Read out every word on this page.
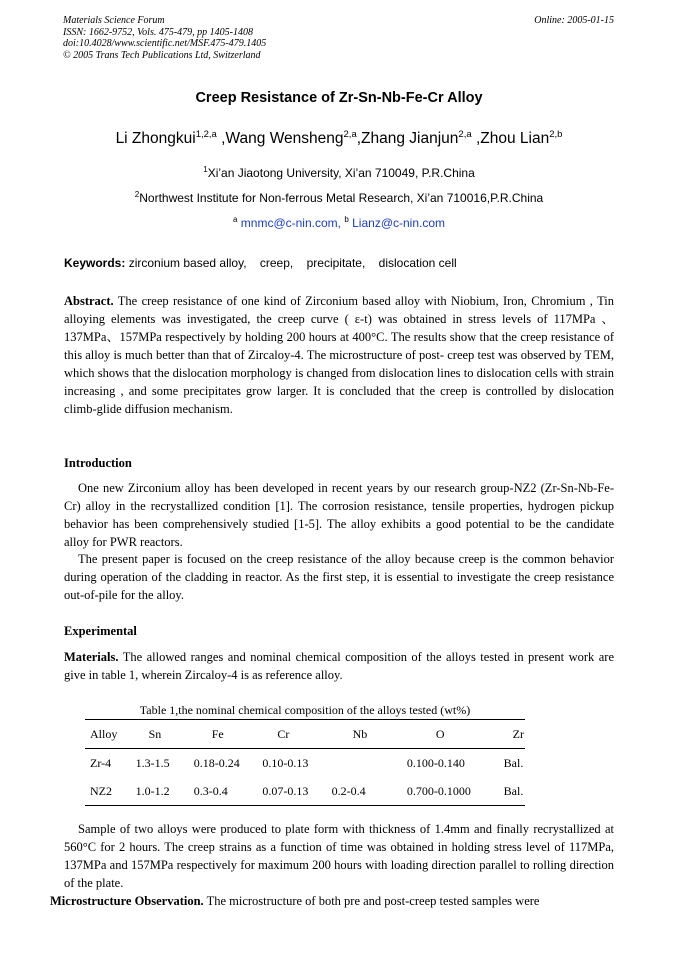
Materials Science Forum
ISSN: 1662-9752, Vols. 475-479, pp 1405-1408
doi:10.4028/www.scientific.net/MSF.475-479.1405
© 2005 Trans Tech Publications Ltd, Switzerland
Online: 2005-01-15
Creep Resistance of Zr-Sn-Nb-Fe-Cr Alloy
Li Zhongkui$^{1,2,a}$ ,Wang Wensheng$^{2,a}$,Zhang Jianjun$^{2,a}$ ,Zhou Lian$^{2,b}$
$^1$Xi’an Jiaotong University, Xi’an 710049, P.R.China
$^2$Northwest Institute for Non-ferrous Metal Research, Xi’an 710016,P.R.China
$^a$ mnmc@c-nin.com, $^b$ Lianz@c-nin.com
Keywords: zirconium based alloy, creep, precipitate, dislocation cell
Abstract. The creep resistance of one kind of Zirconium based alloy with Niobium, Iron, Chromium , Tin alloying elements was investigated, the creep curve ( ε-t) was obtained in stress levels of 117MPa 、137MPa、157MPa respectively by holding 200 hours at 400°C. The results show that the creep resistance of this alloy is much better than that of Zircaloy-4. The microstructure of post- creep test was observed by TEM, which shows that the dislocation morphology is changed from dislocation lines to dislocation cells with strain increasing , and some precipitates grow larger. It is concluded that the creep is controlled by dislocation climb-glide diffusion mechanism.
Introduction
One new Zirconium alloy has been developed in recent years by our research group-NZ2 (Zr-Sn-Nb-Fe-Cr) alloy in the recrystallized condition [1]. The corrosion resistance, tensile properties, hydrogen pickup behavior has been comprehensively studied [1-5]. The alloy exhibits a good potential to be the candidate alloy for PWR reactors.
The present paper is focused on the creep resistance of the alloy because creep is the common behavior during operation of the cladding in reactor. As the first step, it is essential to investigate the creep resistance out-of-pile for the alloy.
Experimental
Materials. The allowed ranges and nominal chemical composition of the alloys tested in present work are give in table 1, wherein Zircaloy-4 is as reference alloy.
Table 1,the nominal chemical composition of the alloys tested (wt%)
Alloy	Sn	Fe	Cr	Nb	O	Zr
Zr-4	1.3-1.5	0.18-0.24	0.10-0.13		0.100-0.140	Bal.
NZ2	1.0-1.2	0.3-0.4	0.07-0.13	0.2-0.4	0.700-0.1000	Bal.
Sample of two alloys were produced to plate form with thickness of 1.4mm and finally recrystallized at 560°C for 2 hours. The creep strains as a function of time was obtained in holding stress level of 117MPa, 137MPa and 157MPa respectively for maximum 200 hours with loading direction parallel to rolling direction of the plate.
Microstructure Observation. The microstructure of both pre and post-creep tested samples were
